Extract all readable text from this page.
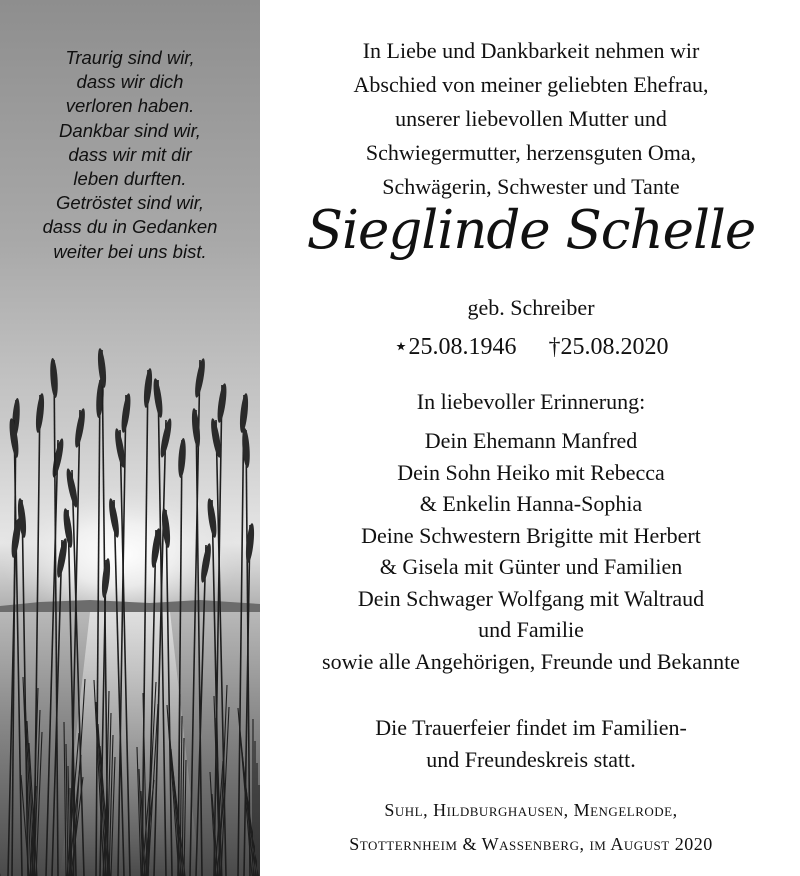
Traurig sind wir,
dass wir dich
verloren haben.
Dankbar sind wir,
dass wir mit dir
leben durften.
Getröstet sind wir,
dass du in Gedanken
weiter bei uns bist.
In Liebe und Dankbarkeit nehmen wir
Abschied von meiner geliebten Ehefrau,
unserer liebevollen Mutter und
Schwiegermutter, herzensguten Oma,
Schwägerin, Schwester und Tante
Sieglinde Schelle
geb. Schreiber
⋆25.08.1946 †25.08.2020
In liebevoller Erinnerung:
Dein Ehemann Manfred
Dein Sohn Heiko mit Rebecca
& Enkelin Hanna-Sophia
Deine Schwestern Brigitte mit Herbert
& Gisela mit Günter und Familien
Dein Schwager Wolfgang mit Waltraud
und Familie
sowie alle Angehörigen, Freunde und Bekannte
Die Trauerfeier findet im Familien-
und Freundeskreis statt.
Suhl, Hildburghausen, Mengelrode,
Stotternheim & Wassenberg, im August 2020
